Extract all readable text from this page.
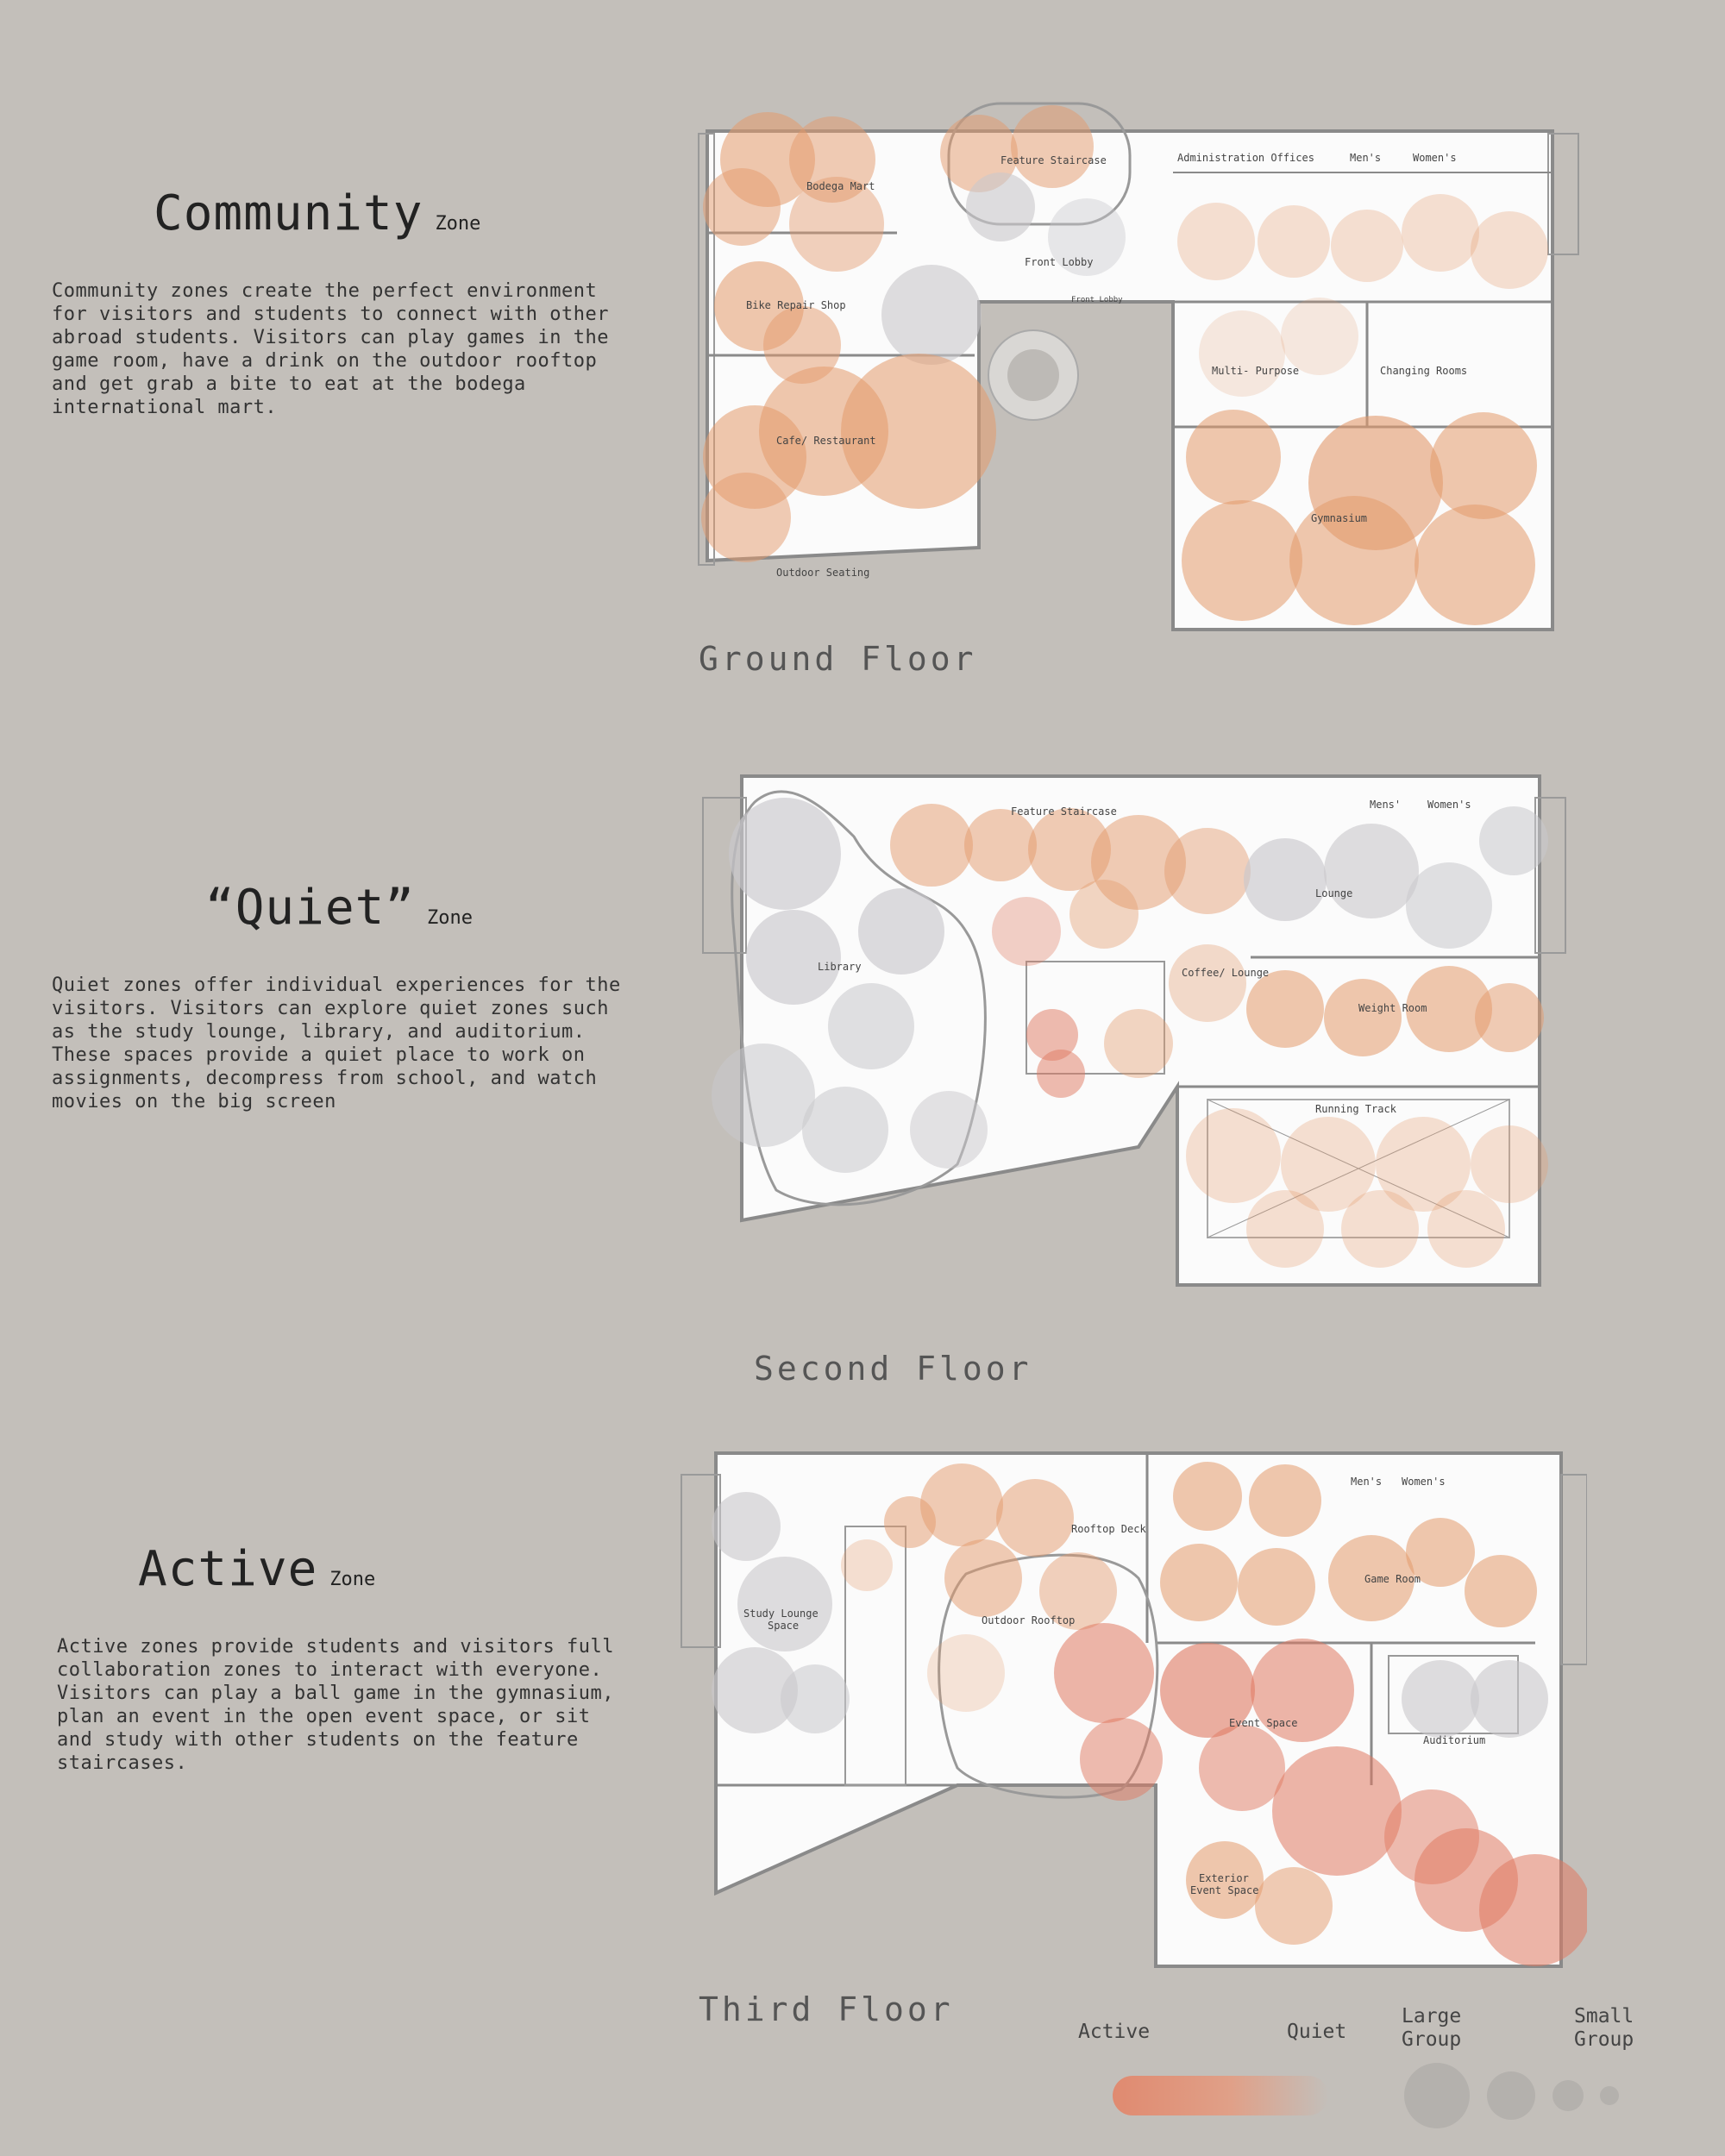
Community Zone
Community zones create the perfect environment for visitors and students to connect with other abroad students. Visitors can play games in the game room, have a drink on the outdoor rooftop and get grab a bite to eat at the bodega international mart.
“Quiet” Zone
Quiet zones offer individual experiences for the visitors. Visitors can explore quiet zones such as the study lounge, library, and auditorium. These spaces provide a quiet place to work on assignments, decompress from school, and watch movies on the big screen
Active Zone
Active zones provide students and visitors full collaboration zones to interact with everyone. Visitors can play a ball game in the gymnasium, plan an event in the open event space, or sit and study with other students on the feature staircases.
Bodega Mart
Bike Repair Shop
Cafe/ Restaurant
Outdoor Seating
Feature Staircase
Front Lobby
Front Lobby
Administration Offices	Men's	Women's
Multi- Purpose	Changing Rooms
Gymnasium
Ground Floor
Feature Staircase
Mens'	Women's
Lounge
Library	Coffee/ Lounge
Weight Room
Running Track
Second Floor
Rooftop Deck
Men's Women's
Study Lounge
Space	Outdoor Rooftop
Game Room
Event Space
Auditorium
Exterior
Event Space
Third Floor
Active	Quiet
Large
Group
Small
Group
